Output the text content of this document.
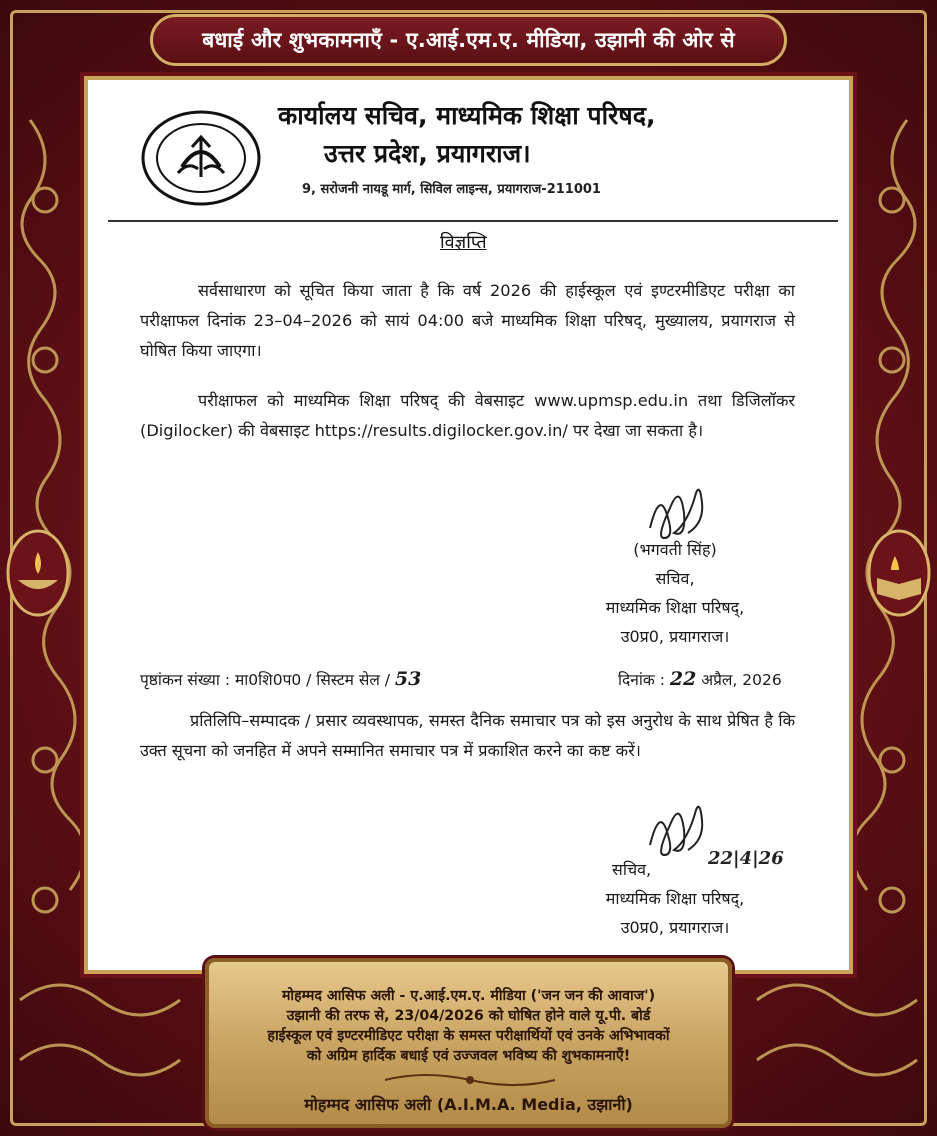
बधाई और शुभकामनाएँ - ए.आई.एम.ए. मीडिया, उझानी की ओर से
कार्यालय सचिव, माध्यमिक शिक्षा परिषद,
उत्तर प्रदेश, प्रयागराज।
9, सरोजनी नायडू मार्ग, सिविल लाइन्स, प्रयागराज-211001
विज्ञप्ति
सर्वसाधारण को सूचित किया जाता है कि वर्ष 2026 की हाईस्कूल एवं इण्टरमीडिएट परीक्षा का परीक्षाफल दिनांक 23–04–2026 को सायं 04:00 बजे माध्यमिक शिक्षा परिषद्, मुख्यालय, प्रयागराज से घोषित किया जाएगा।
परीक्षाफल को माध्यमिक शिक्षा परिषद् की वेबसाइट www.upmsp.edu.in तथा डिजिलॉकर (Digilocker) की वेबसाइट https://results.digilocker.gov.in/ पर देखा जा सकता है।
(भगवती सिंह)
सचिव,
माध्यमिक शिक्षा परिषद्,
उ0प्र0, प्रयागराज।
पृष्ठांकन संख्या : मा0शि0प0 / सिस्टम सेल / 53	दिनांक : 22 अप्रैल, 2026
प्रतिलिपि–सम्पादक / प्रसार व्यवस्थापक, समस्त दैनिक समाचार पत्र को इस अनुरोध के साथ प्रेषित है कि उक्त सूचना को जनहित में अपने सम्मानित समाचार पत्र में प्रकाशित करने का कष्ट करें।
22|4|26
सचिव,
माध्यमिक शिक्षा परिषद्,
उ0प्र0, प्रयागराज।
मोहम्मद आसिफ अली - ए.आई.एम.ए. मीडिया ('जन जन की आवाज')
उझानी की तरफ से, 23/04/2026 को घोषित होने वाले यू.पी. बोर्ड
हाईस्कूल एवं इण्टरमीडिएट परीक्षा के समस्त परीक्षार्थियों एवं उनके अभिभावकों
को अग्रिम हार्दिक बधाई एवं उज्जवल भविष्य की शुभकामनाएँ!
मोहम्मद आसिफ अली (A.I.M.A. Media, उझानी)
